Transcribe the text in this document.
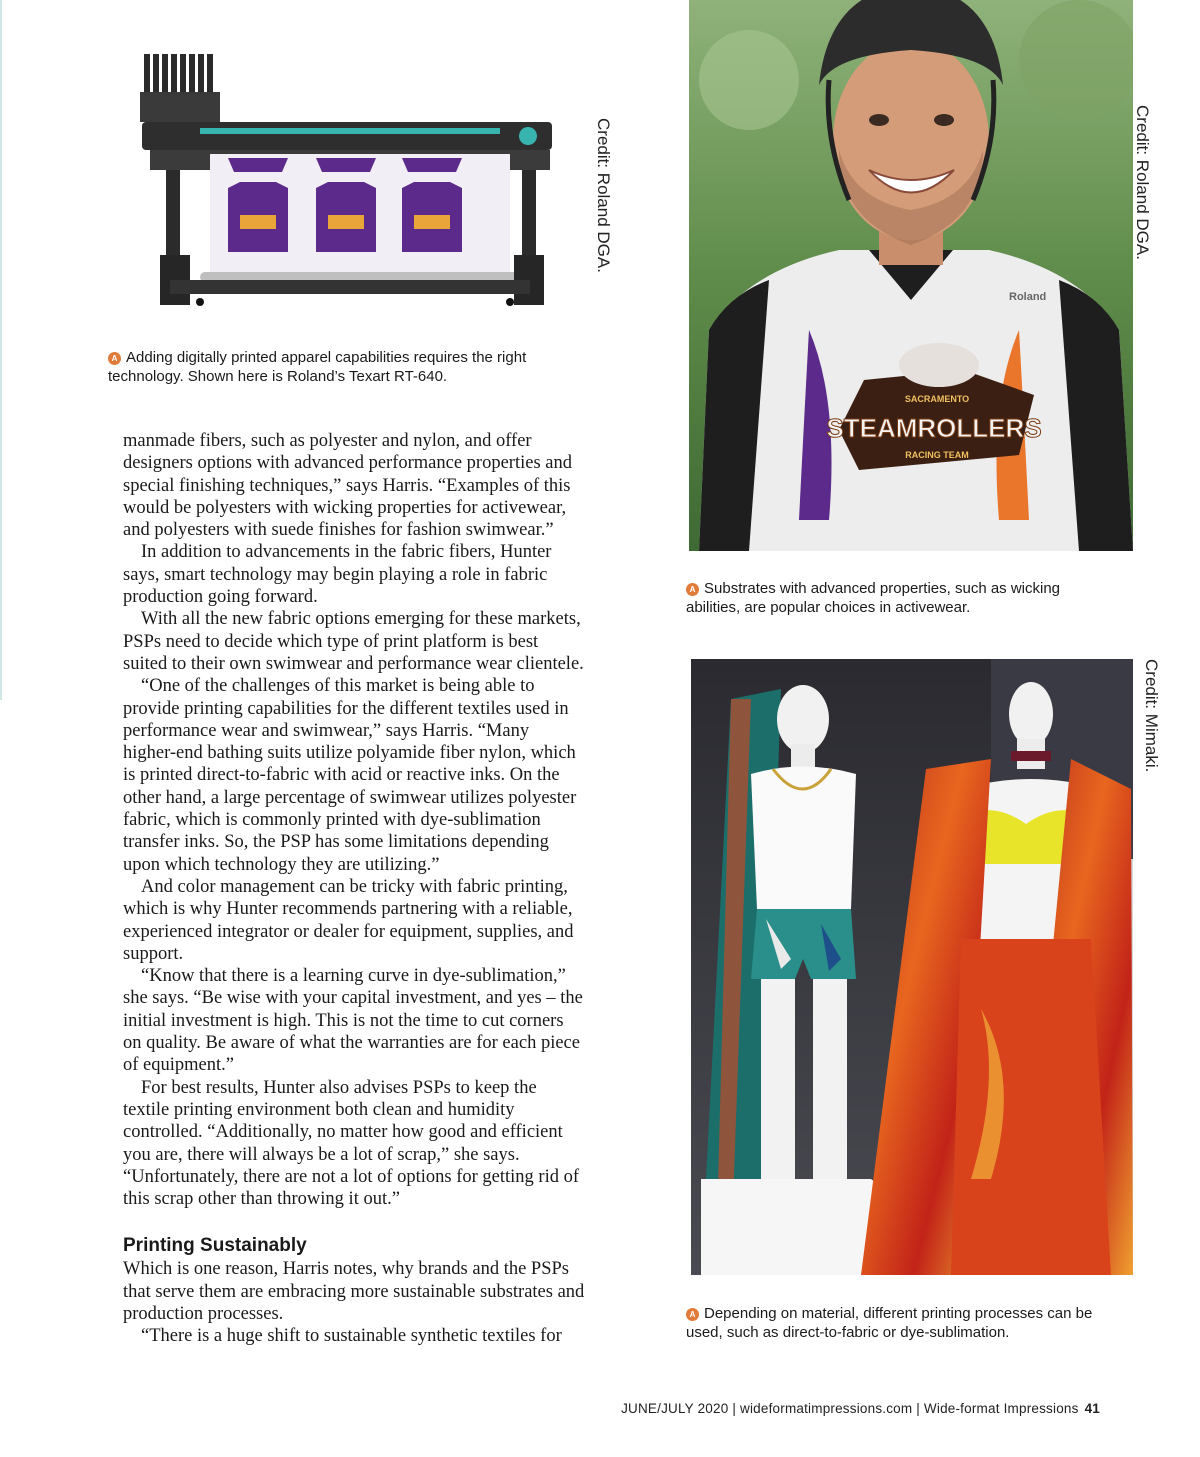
Credit: Roland DGA.
A Adding digitally printed apparel capabilities requires the right technology. Shown here is Roland’s Texart RT-640.
STEAMROLLERS
SACRAMENTO
RACING TEAM
Roland
Credit: Roland DGA.
A Substrates with advanced properties, such as wicking abilities, are popular choices in activewear.
Credit: Mimaki.
A Depending on material, different printing processes can be used, such as direct-to-fabric or dye-sublimation.

manmade fibers, such as polyester and nylon, and offer designers options with advanced performance properties and special finishing techniques,” says Harris. “Examples of this would be polyesters with wicking properties for activewear, and polyesters with suede finishes for fashion swimwear.”

In addition to advancements in the fabric fibers, Hunter says, smart technology may begin playing a role in fabric production going forward.

With all the new fabric options emerging for these markets, PSPs need to decide which type of print platform is best suited to their own swimwear and performance wear clientele.

“One of the challenges of this market is being able to provide printing capabilities for the different textiles used in performance wear and swimwear,” says Harris. “Many higher-end bathing suits utilize polyamide fiber nylon, which is printed direct-to-fabric with acid or reactive inks. On the other hand, a large percentage of swimwear utilizes polyester fabric, which is commonly printed with dye-sublimation transfer inks. So, the PSP has some limitations depending upon which technology they are utilizing.”

And color management can be tricky with fabric printing, which is why Hunter recommends partnering with a reliable, experienced integrator or dealer for equipment, supplies, and support.

“Know that there is a learning curve in dye-sublimation,” she says. “Be wise with your capital investment, and yes – the initial investment is high. This is not the time to cut corners on quality. Be aware of what the warranties are for each piece of equipment.”

For best results, Hunter also advises PSPs to keep the textile printing environment both clean and humidity controlled. “Additionally, no matter how good and efficient you are, there will always be a lot of scrap,” she says. “Unfortunately, there are not a lot of options for getting rid of this scrap other than throwing it out.”

Printing Sustainably

Which is one reason, Harris notes, why brands and the PSPs that serve them are embracing more sustainable substrates and production processes.

“There is a huge shift to sustainable synthetic textiles for

JUNE/JULY 2020 | wideformatimpressions.com | Wide-format Impressions 41
